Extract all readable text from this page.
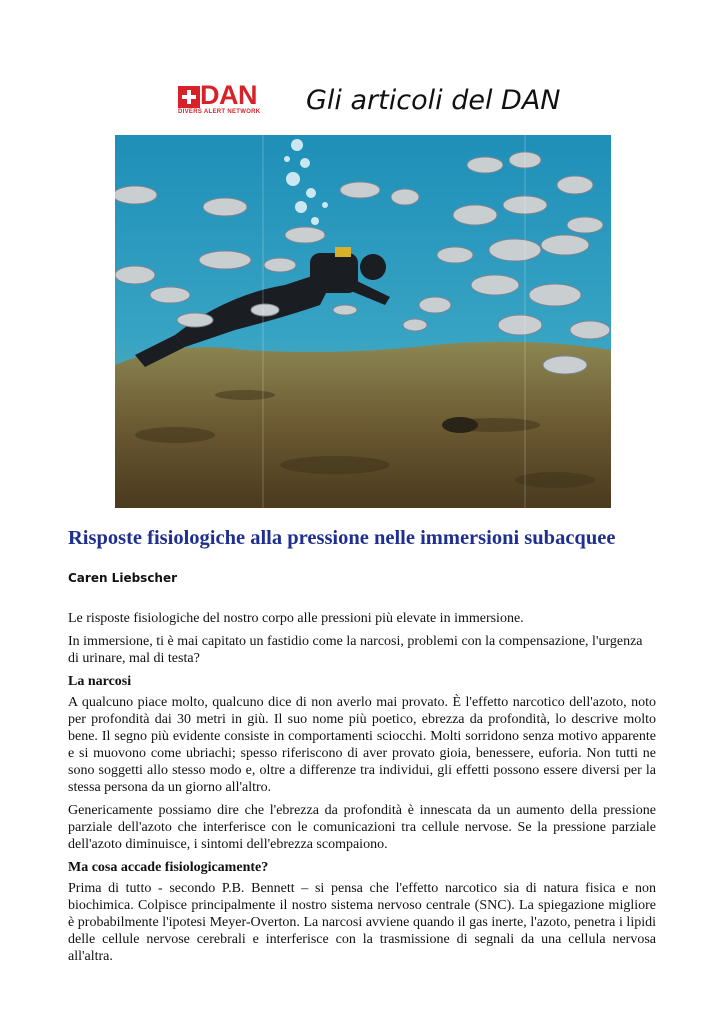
DAN
DIVERS ALERT NETWORK	Gli articoli del DAN
Risposte fisiologiche alla pressione nelle immersioni subacquee
Caren Liebscher

Le risposte fisiologiche del nostro corpo alle pressioni più elevate in immersione.

In immersione, ti è mai capitato un fastidio come la narcosi, problemi con la compensazione, l'urgenza di urinare, mal di testa?

La narcosi

A qualcuno piace molto, qualcuno dice di non averlo mai provato. È l'effetto narcotico dell'azoto, noto per profondità dai 30 metri in giù. Il suo nome più poetico, ebrezza da profondità, lo descrive molto bene. Il segno più evidente consiste in comportamenti sciocchi. Molti sorridono senza motivo apparente e si muovono come ubriachi; spesso riferiscono di aver provato gioia, benessere, euforia. Non tutti ne sono soggetti allo stesso modo e, oltre a differenze tra individui, gli effetti possono essere diversi per la stessa persona da un giorno all'altro.

Genericamente possiamo dire che l'ebrezza da profondità è innescata da un aumento della pressione parziale dell'azoto che interferisce con le comunicazioni tra cellule nervose. Se la pressione parziale dell'azoto diminuisce, i sintomi dell'ebrezza scompaiono.

Ma cosa accade fisiologicamente?

Prima di tutto - secondo P.B. Bennett – si pensa che l'effetto narcotico sia di natura fisica e non biochimica. Colpisce principalmente il nostro sistema nervoso centrale (SNC). La spiegazione migliore è probabilmente l'ipotesi Meyer-Overton. La narcosi avviene quando il gas inerte, l'azoto, penetra i lipidi delle cellule nervose cerebrali e interferisce con la trasmissione di segnali da una cellula nervosa all'altra.
